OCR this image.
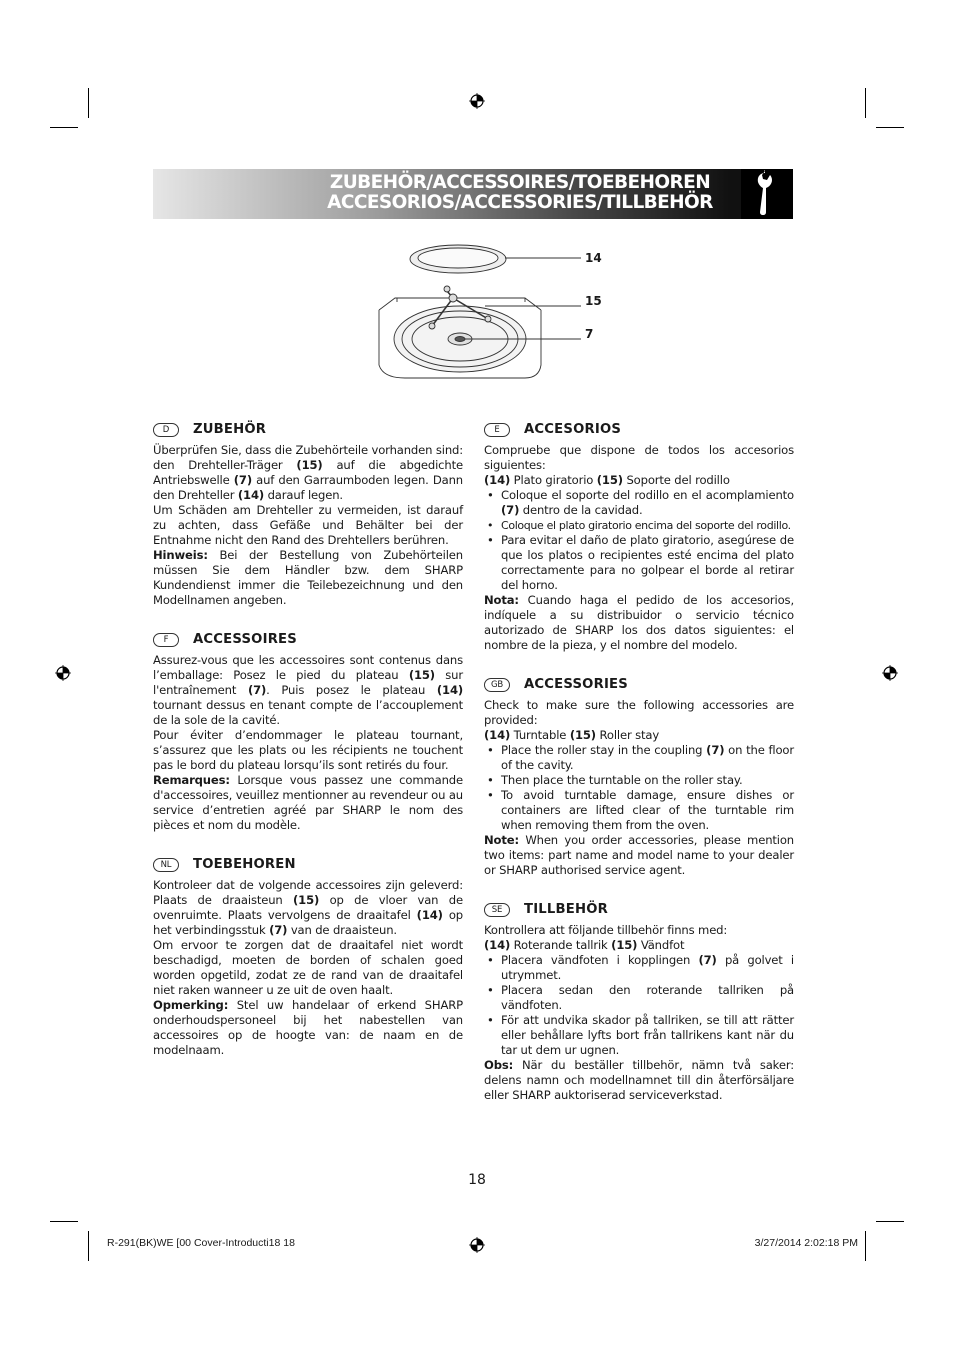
ZUBEHÖR/ACCESSOIRES/TOEBEHOREN
ACCESORIOS/ACCESSORIES/TILLBEHÖR
14
15
7
D	ZUBEHÖR

Überprüfen Sie, dass die Zubehörteile vorhanden sind: den Drehteller-Träger (15) auf die abgedichte Antriebswelle (7) auf den Garraumboden legen. Dann den Drehteller (14) darauf legen.

Um Schäden am Drehteller zu vermeiden, ist darauf zu achten, dass Gefäße und Behälter bei der Entnahme nicht den Rand des Drehtellers berühren.

Hinweis: Bei der Bestellung von Zubehörteilen müssen Sie dem Händler bzw. dem SHARP Kundendienst immer die Teilebezeichnung und den Modellnamen angeben.

F	ACCESSOIRES

Assurez-vous que les accessoires sont contenus dans l’emballage: Posez le pied du plateau (15) sur l'entraînement (7). Puis posez le plateau (14) tournant dessus en tenant compte de l’accouplement de la sole de la cavité.

Pour éviter d’endommager le plateau tournant, s’assurez que les plats ou les récipients ne touchent pas le bord du plateau lorsqu’ils sont retirés du four.

Remarques: Lorsque vous passez une commande d'accessoires, veuillez mentionner au revendeur ou au service d’entretien agréé par SHARP le nom des pièces et nom du modèle.

NL	TOEBEHOREN

Kontroleer dat de volgende accessoires zijn geleverd: Plaats de draaisteun (15) op de vloer van de ovenruimte. Plaats vervolgens de draaitafel (14) op het verbindingsstuk (7) van de draaisteun.

Om ervoor te zorgen dat de draaitafel niet wordt beschadigd, moeten de borden of schalen goed worden opgetild, zodat ze de rand van de draaitafel niet raken wanneer u ze uit de oven haalt.

Opmerking: Stel uw handelaar of erkend SHARP onderhoudspersoneel bij het nabestellen van accessoires op de hoogte van: de naam en de modelnaam.

E	ACCESORIOS

Compruebe que dispone de todos los accesorios siguientes:

(14) Plato giratorio (15) Soporte del rodillo

• Coloque el soporte del rodillo en el acomplamiento (7) dentro de la cavidad.
• Coloque el plato giratorio encima del soporte del rodillo.
• Para evitar el daño de plato giratorio, asegúrese de que los platos o recipientes esté encima del plato correctamente para no golpear el borde al retirar del horno.

Nota: Cuando haga el pedido de los accesorios, indíquele a su distribuidor o servicio técnico autorizado de SHARP los dos datos siguientes: el nombre de la pieza, y el nombre del modelo.

GB	ACCESSORIES

Check to make sure the following accessories are provided:

(14) Turntable (15) Roller stay

• Place the roller stay in the coupling (7) on the floor of the cavity.
• Then place the turntable on the roller stay.
• To avoid turntable damage, ensure dishes or containers are lifted clear of the turntable rim when removing them from the oven.

Note: When you order accessories, please mention two items: part name and model name to your dealer or SHARP authorised service agent.

SE	TILLBEHÖR

Kontrollera att följande tillbehör finns med:

(14) Roterande tallrik (15) Vändfot

• Placera vändfoten i kopplingen (7) på golvet i utrymmet.
• Placera sedan den roterande tallriken på vändfoten.
• För att undvika skador på tallriken, se till att rätter eller behållare lyfts bort från tallrikens kant när du tar ut dem ur ugnen.

Obs: När du beställer tillbehör, nämn två saker: delens namn och modellnamnet till din återförsäljare eller SHARP auktoriserad serviceverkstad.

18
R-291(BK)WE [00 Cover-Introducti18 18	3/27/2014 2:02:18 PM
